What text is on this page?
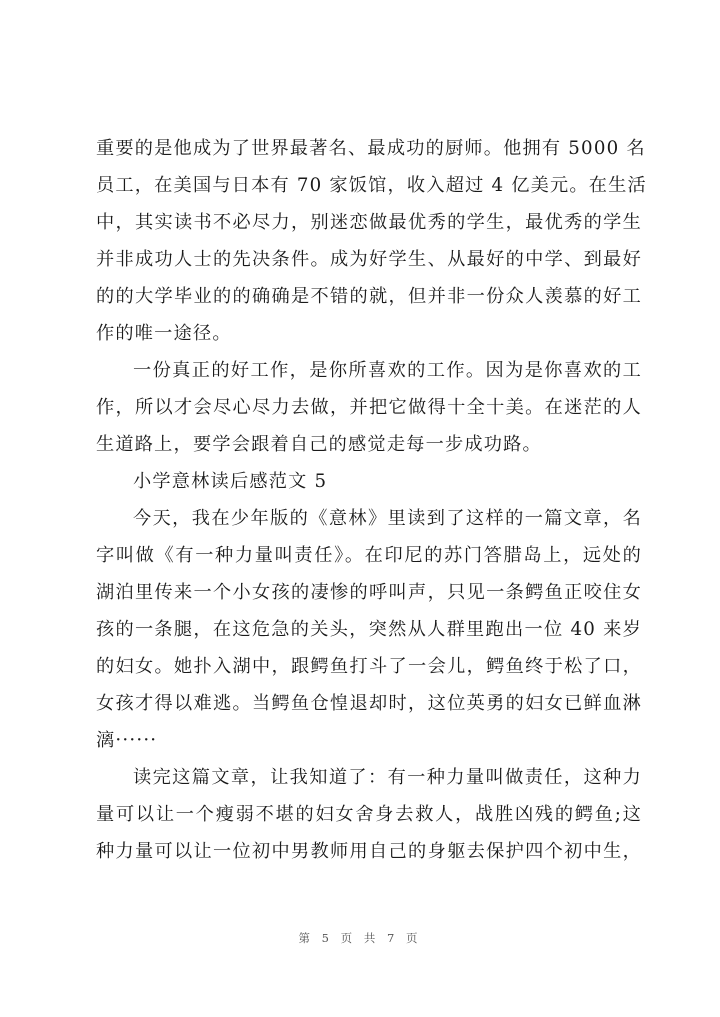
重要的是他成为了世界最著名、最成功的厨师。他拥有 5000 名
员工，在美国与日本有 70 家饭馆，收入超过 4 亿美元。在生活
中，其实读书不必尽力，别迷恋做最优秀的学生，最优秀的学生
并非成功人士的先决条件。成为好学生、从最好的中学、到最好
的的大学毕业的的确确是不错的就，但并非一份众人羡慕的好工
作的唯一途径。
一份真正的好工作，是你所喜欢的工作。因为是你喜欢的工
作，所以才会尽心尽力去做，并把它做得十全十美。在迷茫的人
生道路上，要学会跟着自己的感觉走每一步成功路。
小学意林读后感范文 5
今天，我在少年版的《意林》里读到了这样的一篇文章，名
字叫做《有一种力量叫责任》。在印尼的苏门答腊岛上，远处的
湖泊里传来一个小女孩的凄惨的呼叫声，只见一条鳄鱼正咬住女
孩的一条腿，在这危急的关头，突然从人群里跑出一位 40 来岁
的妇女。她扑入湖中，跟鳄鱼打斗了一会儿，鳄鱼终于松了口，
女孩才得以难逃。当鳄鱼仓惶退却时，这位英勇的妇女已鲜血淋
漓······
读完这篇文章，让我知道了：有一种力量叫做责任，这种力
量可以让一个瘦弱不堪的妇女舍身去救人，战胜凶残的鳄鱼;这
种力量可以让一位初中男教师用自己的身躯去保护四个初中生，
第 5 页 共 7 页
